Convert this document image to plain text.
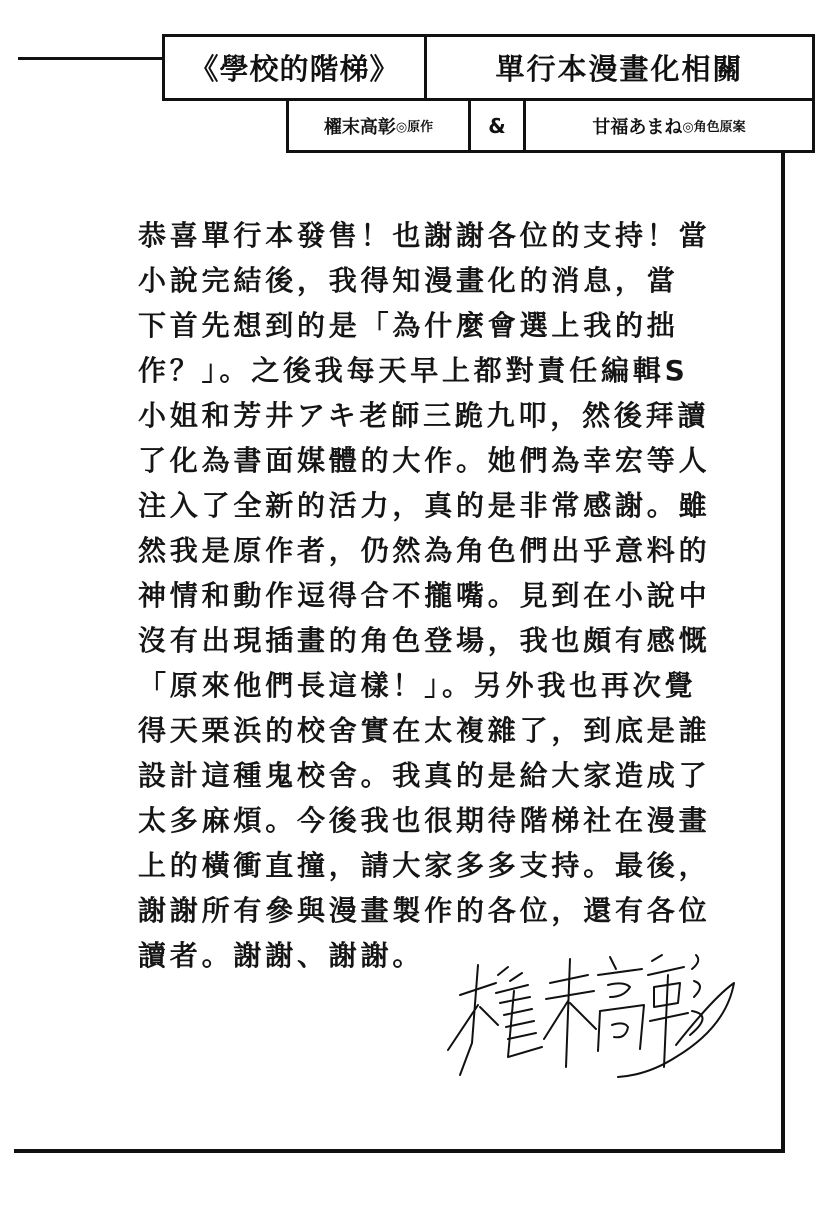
《學校的階梯》	單行本漫畫化相關
櫂末高彰 ◎原作	&	甘福あまね ◎角色原案
恭喜單行本發售！也謝謝各位的支持！當
小說完結後，我得知漫畫化的消息，當
下首先想到的是「為什麼會選上我的拙
作？」。之後我每天早上都對責任編輯S
小姐和芳井アキ老師三跪九叩，然後拜讀
了化為書面媒體的大作。她們為幸宏等人
注入了全新的活力，真的是非常感謝。雖
然我是原作者，仍然為角色們出乎意料的
神情和動作逗得合不攏嘴。見到在小說中
沒有出現插畫的角色登場，我也頗有感慨
「原來他們長這樣！」。另外我也再次覺
得天栗浜的校舍實在太複雜了，到底是誰
設計這種鬼校舍。我真的是給大家造成了
太多麻煩。今後我也很期待階梯社在漫畫
上的橫衝直撞，請大家多多支持。最後，
謝謝所有參與漫畫製作的各位，還有各位
讀者。謝謝、謝謝。
